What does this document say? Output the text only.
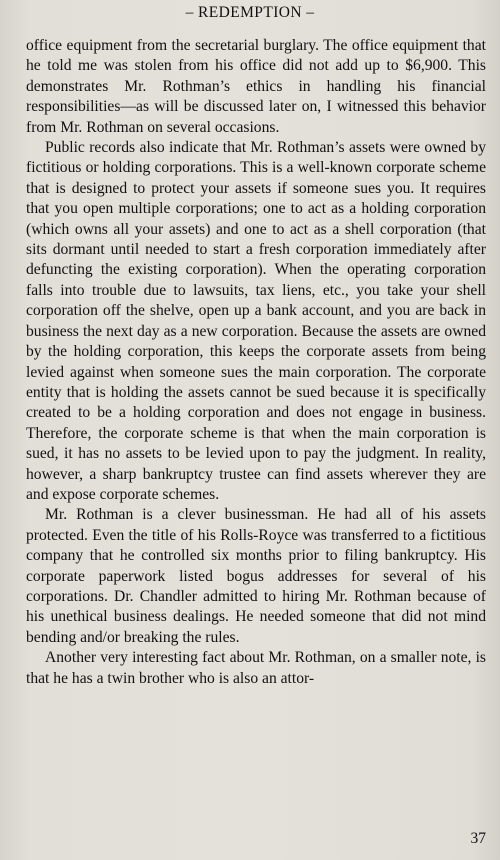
– REDEMPTION –

office equipment from the secretarial burglary. The office equipment that he told me was stolen from his office did not add up to $6,900. This demonstrates Mr. Rothman’s ethics in handling his financial responsibilities—as will be discussed later on, I witnessed this behavior from Mr. Rothman on several occasions.

Public records also indicate that Mr. Rothman’s assets were owned by fictitious or holding corporations. This is a well-known corporate scheme that is designed to protect your assets if someone sues you. It requires that you open multiple corporations; one to act as a holding corporation (which owns all your assets) and one to act as a shell corporation (that sits dormant until needed to start a fresh corporation immediately after defuncting the existing corporation). When the operating corporation falls into trouble due to lawsuits, tax liens, etc., you take your shell corporation off the shelve, open up a bank account, and you are back in business the next day as a new corporation. Because the assets are owned by the holding corporation, this keeps the corporate assets from being levied against when someone sues the main corporation. The corporate entity that is holding the assets cannot be sued because it is specifically created to be a holding corporation and does not engage in business. Therefore, the corporate scheme is that when the main corporation is sued, it has no assets to be levied upon to pay the judgment. In reality, however, a sharp bankruptcy trustee can find assets wherever they are and expose corporate schemes.

Mr. Rothman is a clever businessman. He had all of his assets protected. Even the title of his Rolls-Royce was transferred to a fictitious company that he controlled six months prior to filing bankruptcy. His corporate paperwork listed bogus addresses for several of his corporations. Dr. Chandler admitted to hiring Mr. Rothman because of his unethical business dealings. He needed someone that did not mind bending and/or breaking the rules.

Another very interesting fact about Mr. Rothman, on a smaller note, is that he has a twin brother who is also an attor-

37
